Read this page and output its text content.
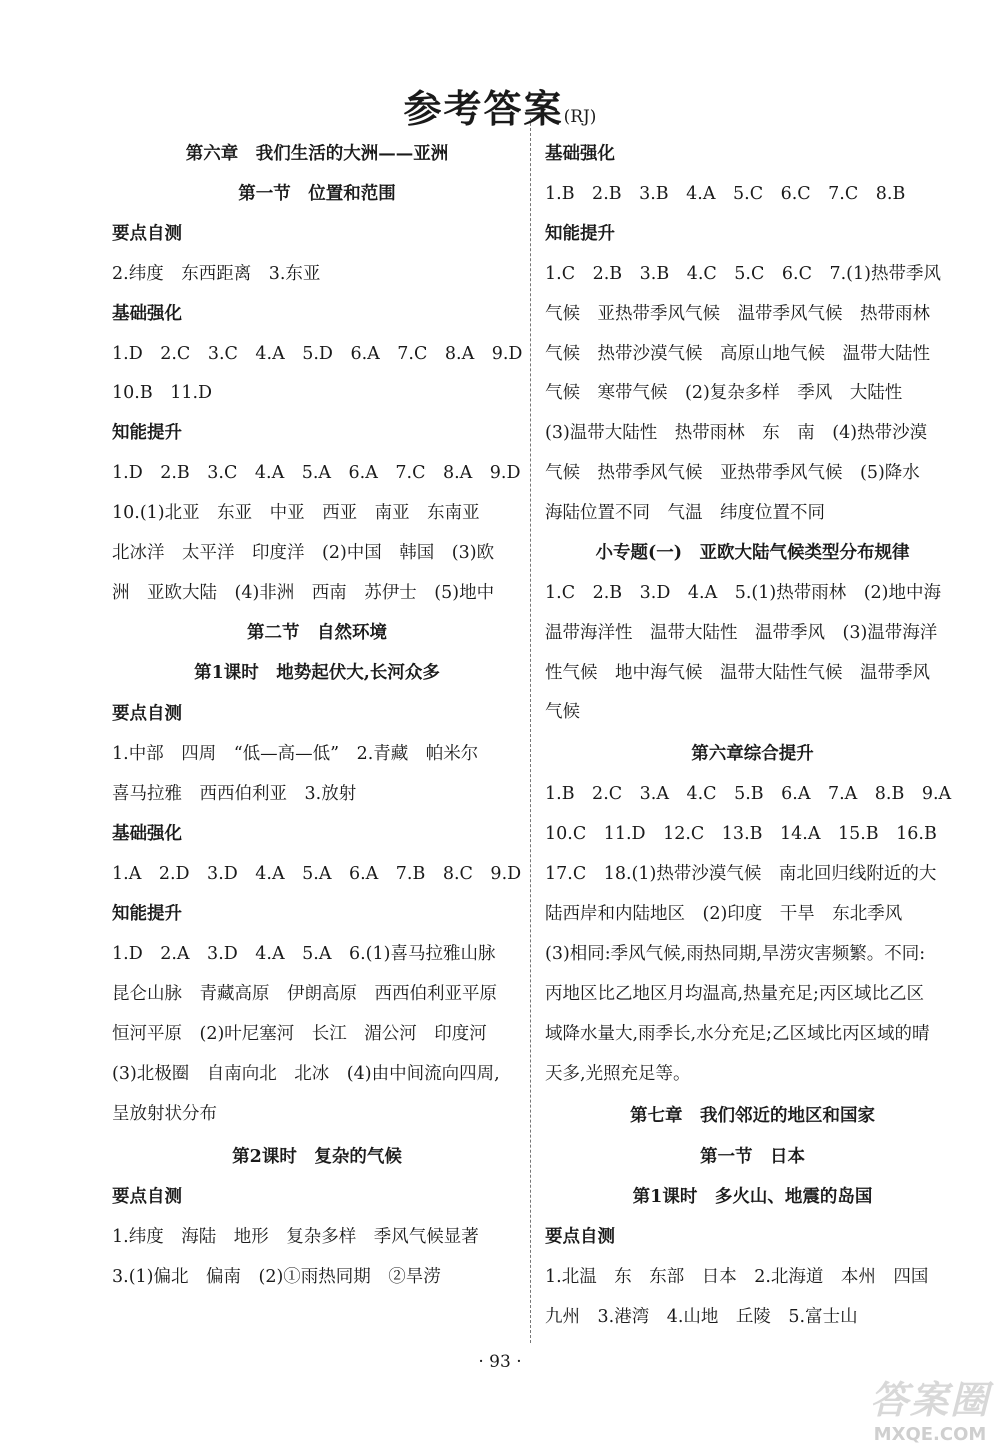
参考答案(RJ)
第六章　我们生活的大洲——亚洲
第一节　位置和范围
要点自测
2.纬度　东西距离　3.东亚
基础强化
1.D　2.C　3.C　4.A　5.D　6.A　7.C　8.A　9.D
10.B　11.D
知能提升
1.D　2.B　3.C　4.A　5.A　6.A　7.C　8.A　9.D
10.(1)北亚　东亚　中亚　西亚　南亚　东南亚
北冰洋　太平洋　印度洋　(2)中国　韩国　(3)欧
洲　亚欧大陆　(4)非洲　西南　苏伊士　(5)地中
第二节　自然环境
第1课时　地势起伏大,长河众多
要点自测
1.中部　四周　“低—高—低”　2.青藏　帕米尔
喜马拉雅　西西伯利亚　3.放射
基础强化
1.A　2.D　3.D　4.A　5.A　6.A　7.B　8.C　9.D
知能提升
1.D　2.A　3.D　4.A　5.A　6.(1)喜马拉雅山脉
昆仑山脉　青藏高原　伊朗高原　西西伯利亚平原
恒河平原　(2)叶尼塞河　长江　湄公河　印度河
(3)北极圈　自南向北　北冰　(4)由中间流向四周,
呈放射状分布
第2课时　复杂的气候
要点自测
1.纬度　海陆　地形　复杂多样　季风气候显著
3.(1)偏北　偏南　(2)①雨热同期　②旱涝
基础强化
1.B　2.B　3.B　4.A　5.C　6.C　7.C　8.B
知能提升
1.C　2.B　3.B　4.C　5.C　6.C　7.(1)热带季风
气候　亚热带季风气候　温带季风气候　热带雨林
气候　热带沙漠气候　高原山地气候　温带大陆性
气候　寒带气候　(2)复杂多样　季风　大陆性
(3)温带大陆性　热带雨林　东　南　(4)热带沙漠
气候　热带季风气候　亚热带季风气候　(5)降水
海陆位置不同　气温　纬度位置不同
小专题(一)　亚欧大陆气候类型分布规律
1.C　2.B　3.D　4.A　5.(1)热带雨林　(2)地中海
温带海洋性　温带大陆性　温带季风　(3)温带海洋
性气候　地中海气候　温带大陆性气候　温带季风
气候
第六章综合提升
1.B　2.C　3.A　4.C　5.B　6.A　7.A　8.B　9.A
10.C　11.D　12.C　13.B　14.A　15.B　16.B
17.C　18.(1)热带沙漠气候　南北回归线附近的大
陆西岸和内陆地区　(2)印度　干旱　东北季风
(3)相同:季风气候,雨热同期,旱涝灾害频繁。不同:
丙地区比乙地区月均温高,热量充足;丙区域比乙区
域降水量大,雨季长,水分充足;乙区域比丙区域的晴
天多,光照充足等。
第七章　我们邻近的地区和国家
第一节　日本
第1课时　多火山、地震的岛国
要点自测
1.北温　东　东部　日本　2.北海道　本州　四国
九州　3.港湾　4.山地　丘陵　5.富士山
· 93 ·
答案圈
MXQE.COM
